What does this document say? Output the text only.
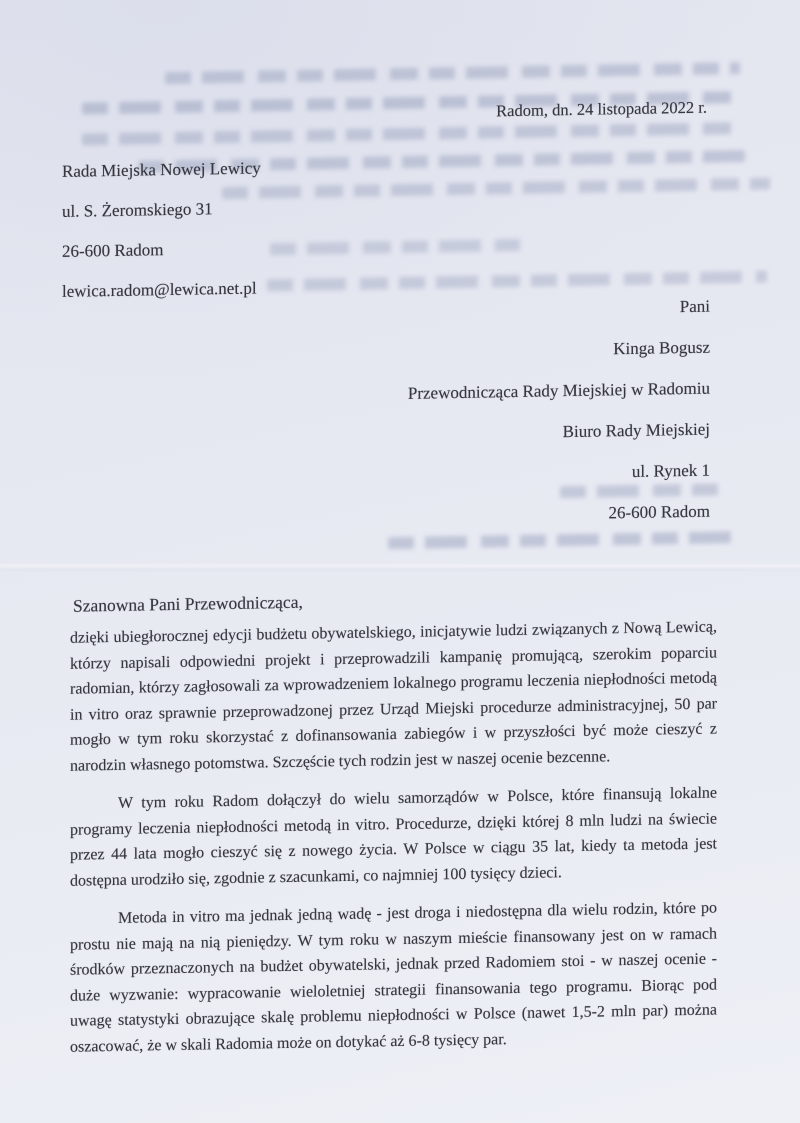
Radom, dn. 24 listopada 2022 r.
Rada Miejska Nowej Lewicy
ul. S. Żeromskiego 31
26-600 Radom
lewica.radom@lewica.net.pl
Pani
Kinga Bogusz
Przewodnicząca Rady Miejskiej w Radomiu
Biuro Rady Miejskiej
ul. Rynek 1
26-600 Radom
Szanowna Pani Przewodnicząca,

dzięki ubiegłorocznej edycji budżetu obywatelskiego, inicjatywie ludzi związanych z Nową Lewicą, którzy napisali odpowiedni projekt i przeprowadzili kampanię promującą, szerokim poparciu radomian, którzy zagłosowali za wprowadzeniem lokalnego programu leczenia niepłodności metodą in vitro oraz sprawnie przeprowadzonej przez Urząd Miejski procedurze administracyjnej, 50 par mogło w tym roku skorzystać z dofinansowania zabiegów i w przyszłości być może cieszyć z narodzin własnego potomstwa. Szczęście tych rodzin jest w naszej ocenie bezcenne.

W tym roku Radom dołączył do wielu samorządów w Polsce, które finansują lokalne programy leczenia niepłodności metodą in vitro. Procedurze, dzięki której 8 mln ludzi na świecie przez 44 lata mogło cieszyć się z nowego życia. W Polsce w ciągu 35 lat, kiedy ta metoda jest dostępna urodziło się, zgodnie z szacunkami, co najmniej 100 tysięcy dzieci.

Metoda in vitro ma jednak jedną wadę - jest droga i niedostępna dla wielu rodzin, które po prostu nie mają na nią pieniędzy. W tym roku w naszym mieście finansowany jest on w ramach środków przeznaczonych na budżet obywatelski, jednak przed Radomiem stoi - w naszej ocenie - duże wyzwanie: wypracowanie wieloletniej strategii finansowania tego programu. Biorąc pod uwagę statystyki obrazujące skalę problemu niepłodności w Polsce (nawet 1,5-2 mln par) można oszacować, że w skali Radomia może on dotykać aż 6-8 tysięcy par.
